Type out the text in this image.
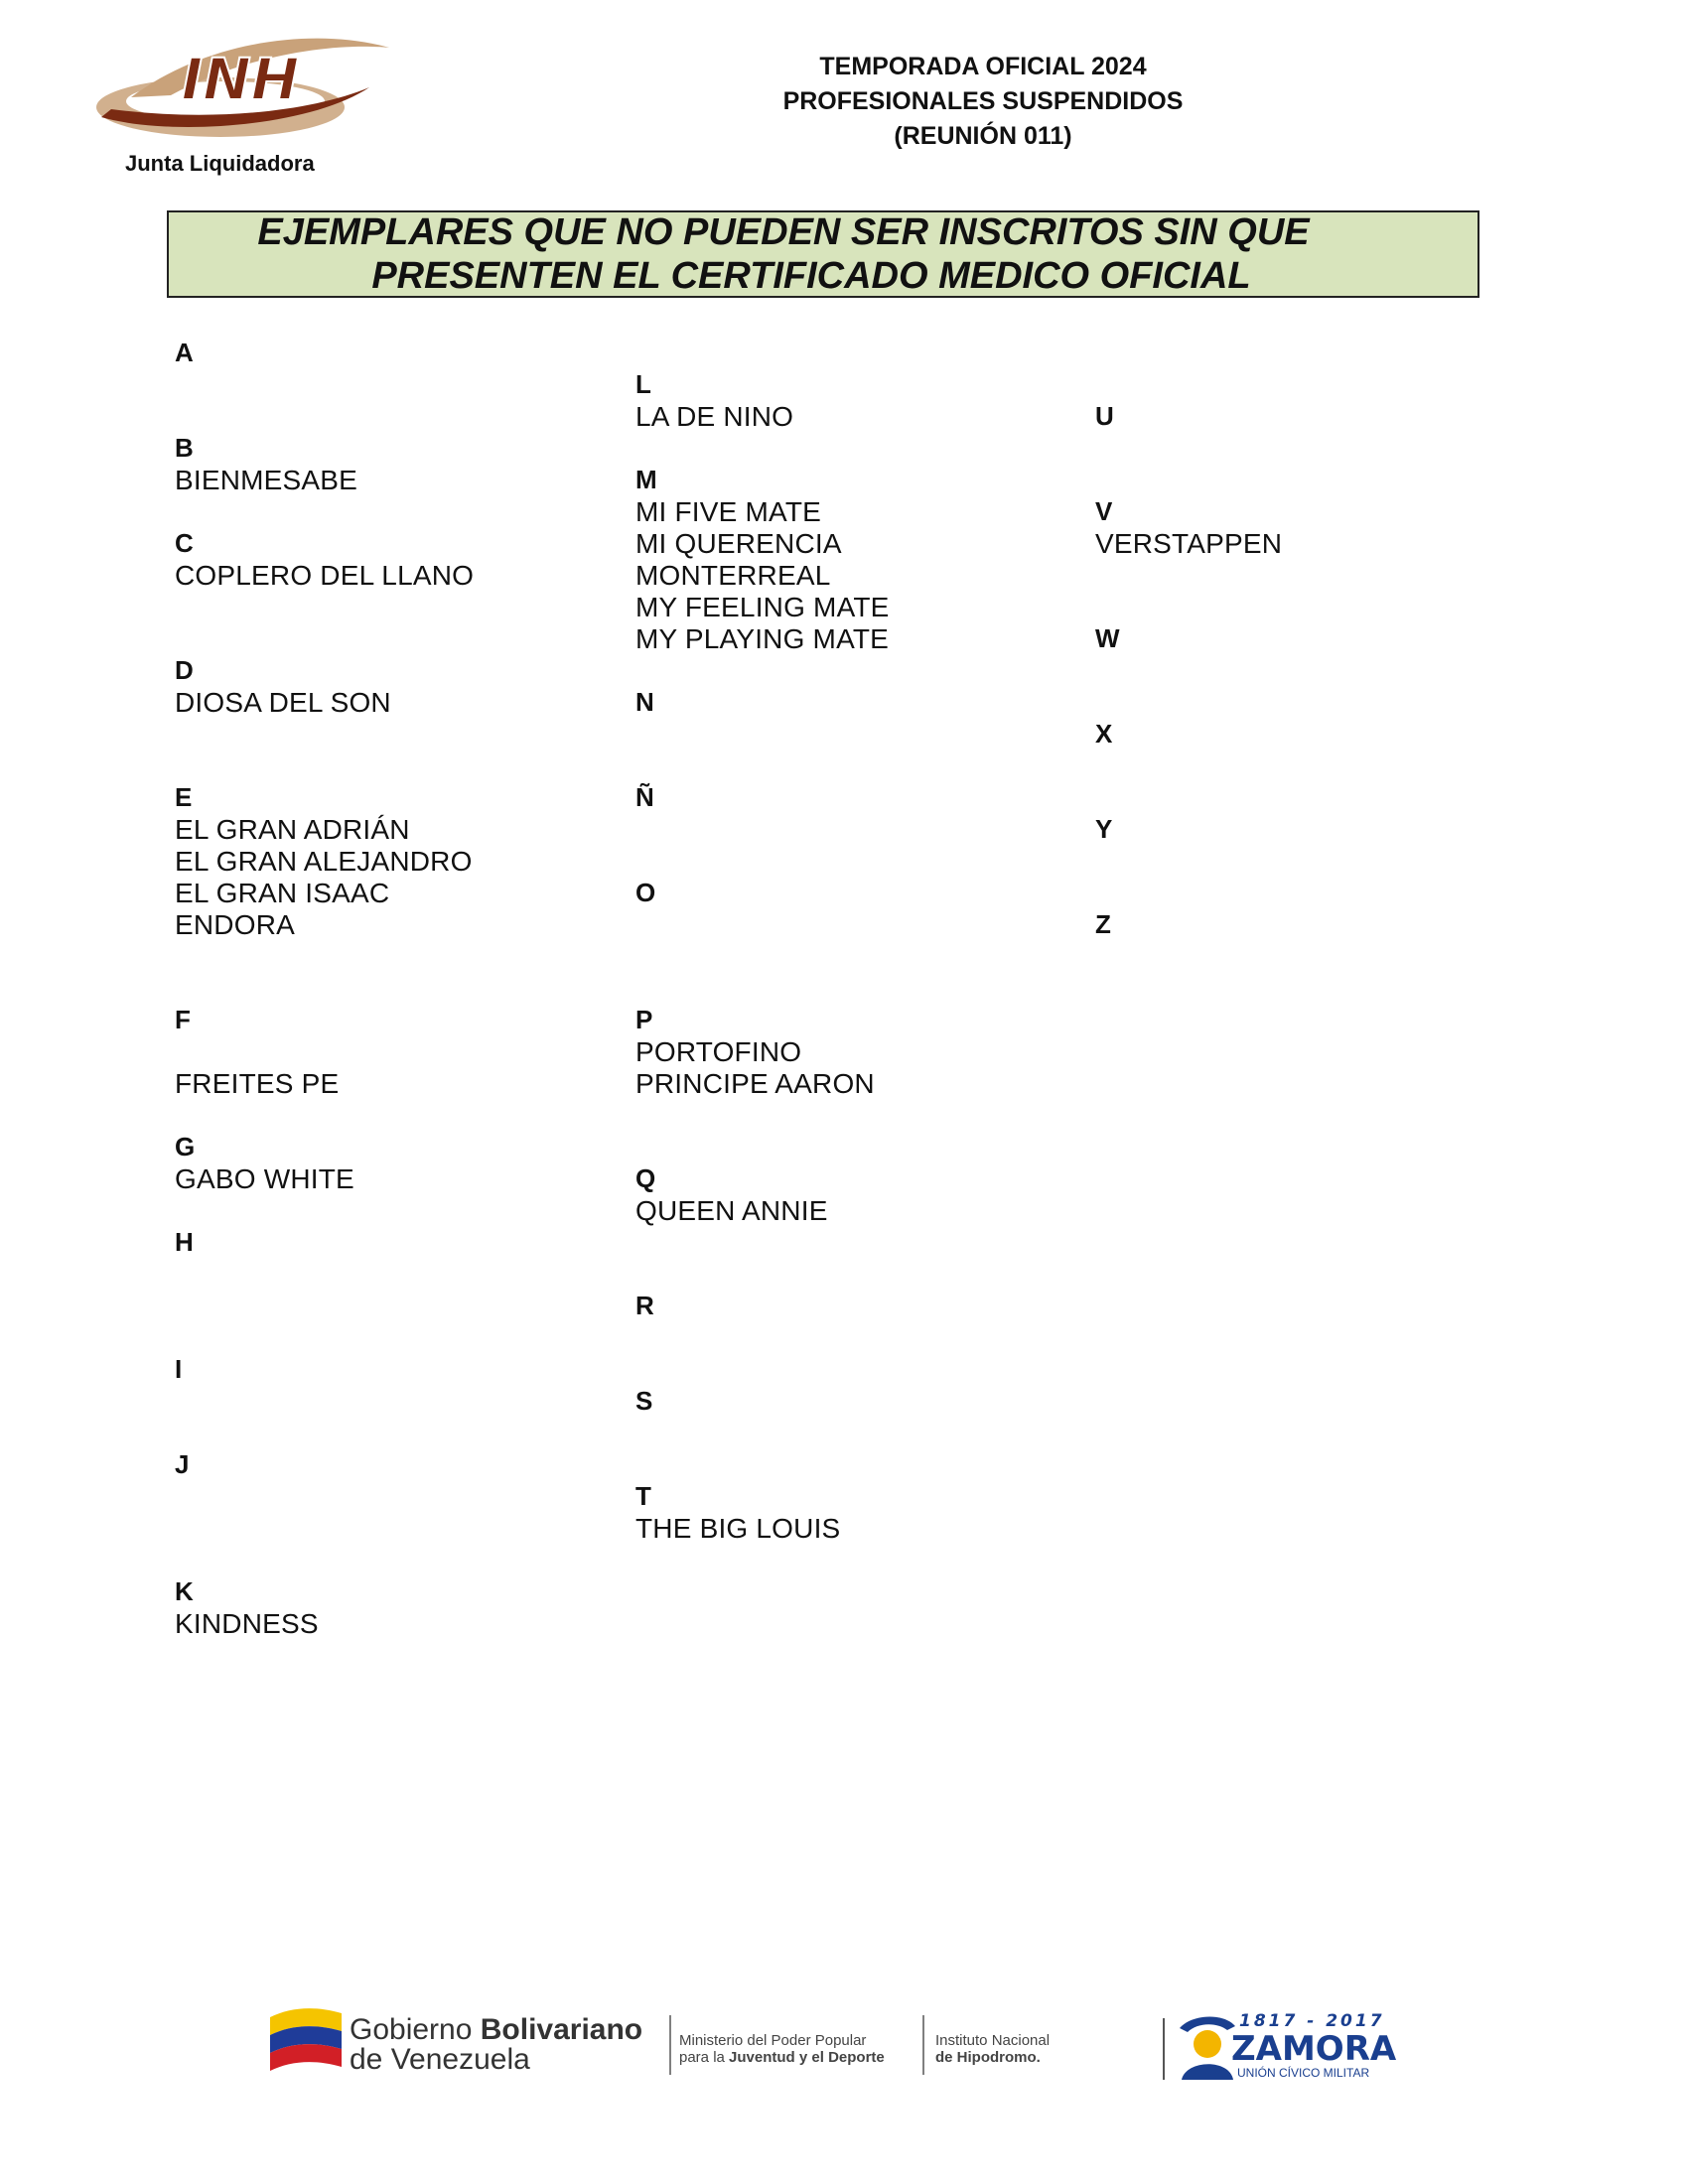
INH
Junta Liquidadora
TEMPORADA OFICIAL 2024
PROFESIONALES SUSPENDIDOS
(REUNIÓN 011)
EJEMPLARES QUE NO PUEDEN SER INSCRITOS SIN QUE
PRESENTEN EL CERTIFICADO MEDICO OFICIAL
A
B
BIENMESABE
C
COPLERO DEL LLANO
D
DIOSA DEL SON
E
EL GRAN ADRIÁN
EL GRAN ALEJANDRO
EL GRAN ISAAC
ENDORA
F
FREITES PE
G
GABO WHITE
H
I
J
K
KINDNESS
L
LA DE NINO
M
MI FIVE MATE
MI QUERENCIA
MONTERREAL
MY FEELING MATE
MY PLAYING MATE
N
Ñ
O
P
PORTOFINO
PRINCIPE AARON
Q
QUEEN ANNIE
R
S
T
THE BIG LOUIS
U
V
VERSTAPPEN
W
X
Y
Z
Gobierno Bolivariano
de Venezuela
Ministerio del Poder Popular
para la Juventud y el Deporte
Instituto Nacional
de Hipodromo.
1817 - 2017
ZAMORA
UNIÓN CÍVICO MILITAR
